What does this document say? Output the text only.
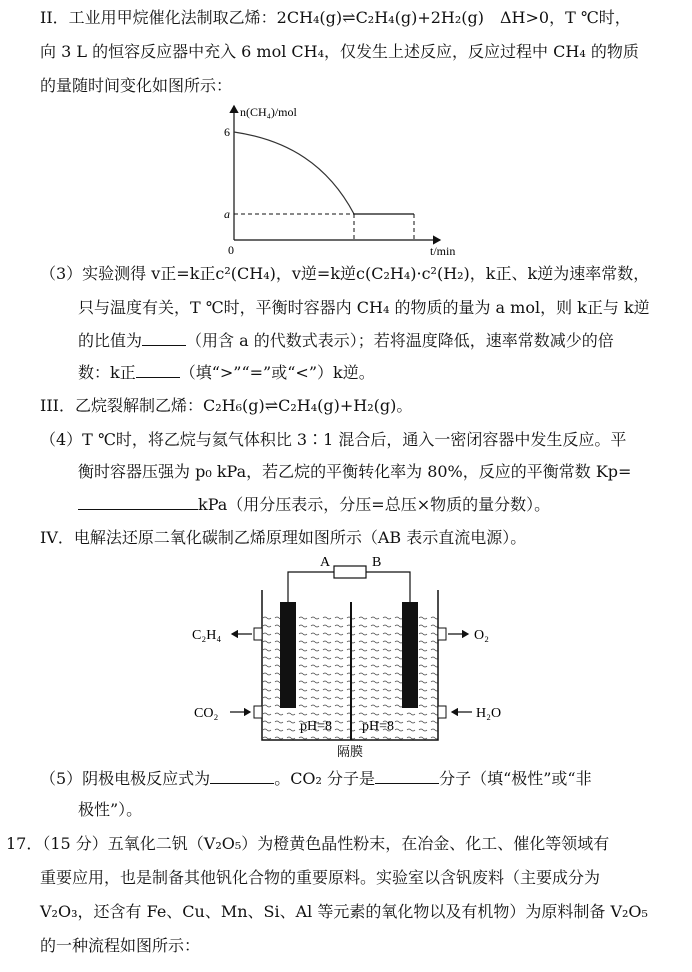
II．工业用甲烷催化法制取乙烯：2CH₄(g)⇌C₂H₄(g)+2H₂(g)　ΔH>0，T ℃时，
向 3 L 的恒容反应器中充入 6 mol CH₄，仅发生上述反应，反应过程中 CH₄ 的物质
的量随时间变化如图所示：
n(CH₄)/mol
t/min
0
6
a
（3）实验测得 v正=k正c²(CH₄)，v逆=k逆c(C₂H₄)·c²(H₂)，k正、k逆为速率常数，
只与温度有关，T ℃时，平衡时容器内 CH₄ 的物质的量为 a mol，则 k正与 k逆
的比值为	（用含 a 的代数式表示）；若将温度降低，速率常数减少的倍
数：k正	（填“>”“=”或“<”）k逆。
III．乙烷裂解制乙烯：C₂H₆(g)⇌C₂H₄(g)+H₂(g)。
（4）T ℃时，将乙烷与氦气体积比 3∶1 混合后，通入一密闭容器中发生反应。平
衡时容器压强为 p₀ kPa，若乙烷的平衡转化率为 80%，反应的平衡常数 Kp=
kPa（用分压表示，分压=总压×物质的量分数）。
IV．电解法还原二氧化碳制乙烯原理如图所示（AB 表示直流电源）。
A	B
C₂H₄
CO₂
O₂
H₂O
pH=8 pH=8
隔膜
（5）阴极电极反应式为	。CO₂ 分子是	分子（填“极性”或“非
极性”）。
17．（15 分）五氧化二钒（V₂O₅）为橙黄色晶性粉末，在冶金、化工、催化等领域有
重要应用，也是制备其他钒化合物的重要原料。实验室以含钒废料（主要成分为
V₂O₃，还含有 Fe、Cu、Mn、Si、Al 等元素的氧化物以及有机物）为原料制备 V₂O₅
的一种流程如图所示：
